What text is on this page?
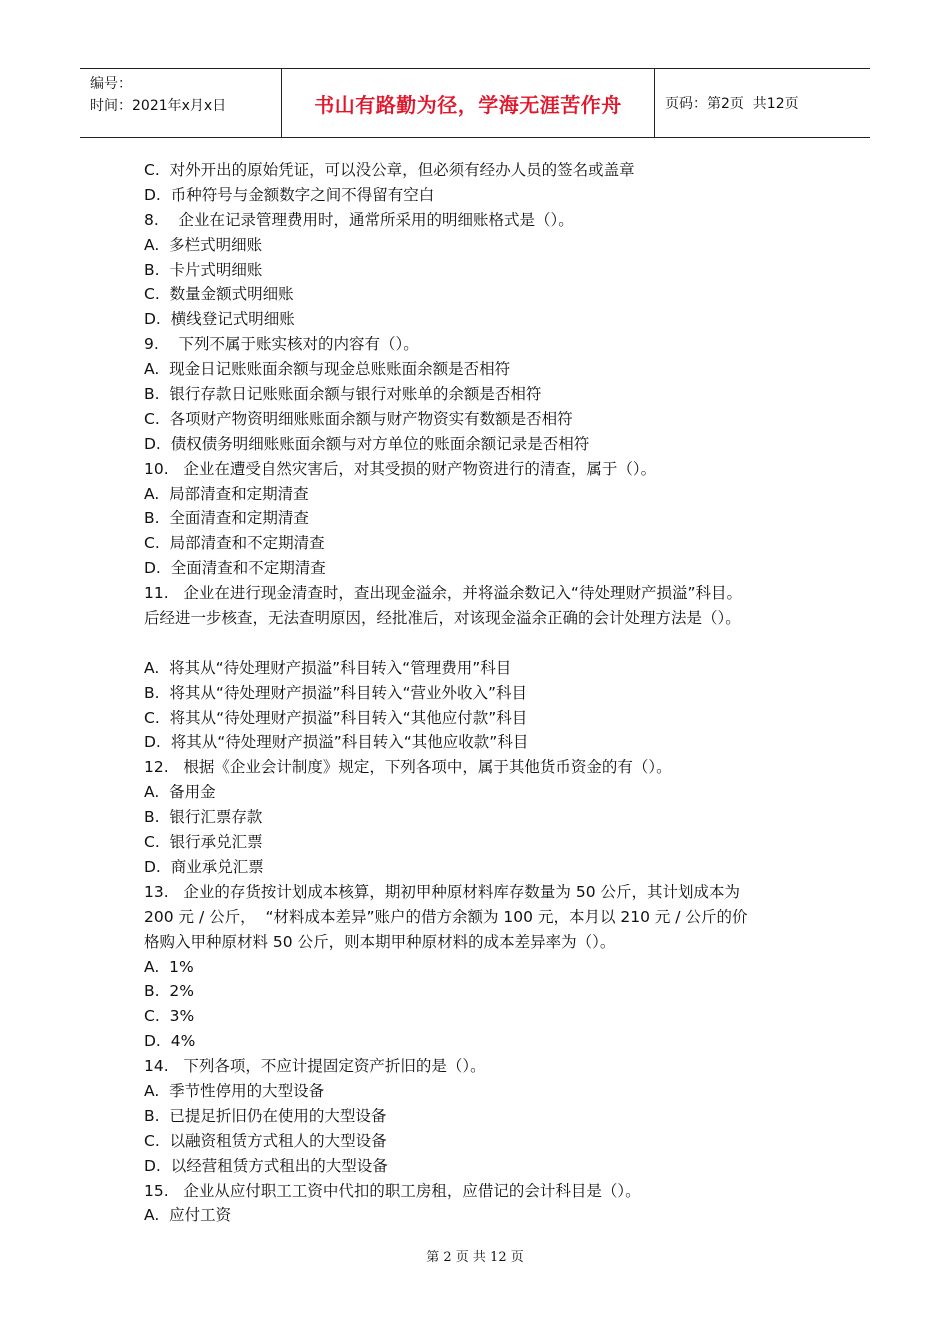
编号：
时间：2021年x月x日	书山有路勤为径，学海无涯苦作舟	页码：第2页  共12页
C.  对外开出的原始凭证，可以没公章，但必须有经办人员的签名或盖章
D.  币种符号与金额数字之间不得留有空白
8.    企业在记录管理费用时，通常所采用的明细账格式是（）。
A.  多栏式明细账
B.  卡片式明细账
C.  数量金额式明细账
D.  横线登记式明细账
9.    下列不属于账实核对的内容有（）。
A.  现金日记账账面余额与现金总账账面余额是否相符
B.  银行存款日记账账面余额与银行对账单的余额是否相符
C.  各项财产物资明细账账面余额与财产物资实有数额是否相符
D.  债权债务明细账账面余额与对方单位的账面余额记录是否相符
10.   企业在遭受自然灾害后，对其受损的财产物资进行的清查，属于（）。
A.  局部清查和定期清查
B.  全面清查和定期清查
C.  局部清查和不定期清查
D.  全面清查和不定期清查
11.   企业在进行现金清查时，查出现金溢余，并将溢余数记入“待处理财产损溢”科目。
后经进一步核查，无法查明原因，经批准后，对该现金溢余正确的会计处理方法是（）。
A.  将其从“待处理财产损溢”科目转入“管理费用”科目
B.  将其从“待处理财产损溢”科目转入“营业外收入”科目
C.  将其从“待处理财产损溢”科目转入“其他应付款”科目
D.  将其从“待处理财产损溢”科目转入“其他应收款”科目
12.   根据《企业会计制度》规定，下列各项中，属于其他货币资金的有（）。
A.  备用金
B.  银行汇票存款
C.  银行承兑汇票
D.  商业承兑汇票
13.   企业的存货按计划成本核算，期初甲种原材料库存数量为 50 公斤，其计划成本为
200 元 / 公斤，  “材料成本差异”账户的借方余额为 100 元，本月以 210 元 / 公斤的价
格购入甲种原材料 50 公斤，则本期甲种原材料的成本差异率为（）。
A.  1%
B.  2%
C.  3%
D.  4%
14.   下列各项，不应计提固定资产折旧的是（）。
A.  季节性停用的大型设备
B.  已提足折旧仍在使用的大型设备
C.  以融资租赁方式租人的大型设备
D.  以经营租赁方式租出的大型设备
15.   企业从应付职工工资中代扣的职工房租，应借记的会计科目是（）。
A.  应付工资
第 2 页 共 12 页
